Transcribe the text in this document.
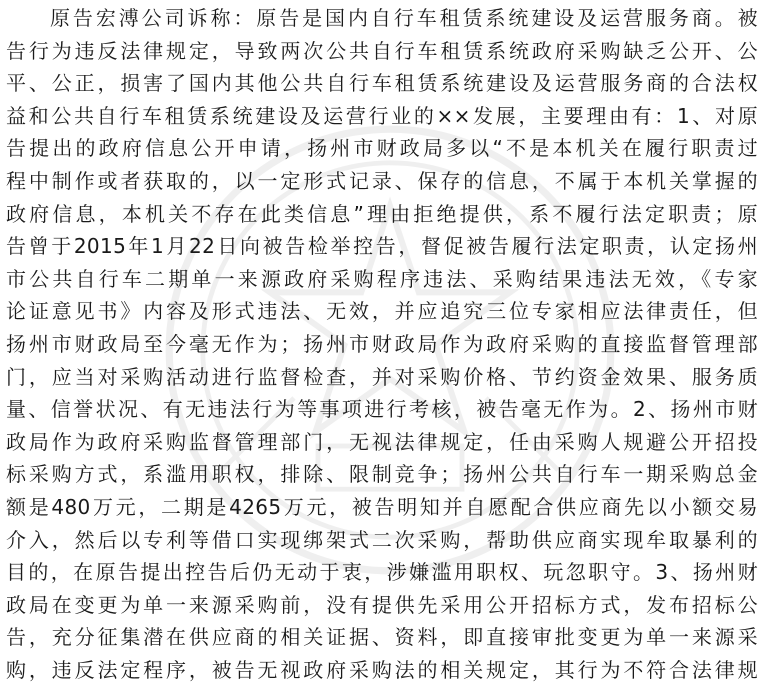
原告宏溥公司诉称：原告是国内自行车租赁系统建设及运营服务商。被
告行为违反法律规定，导致两次公共自行车租赁系统政府采购缺乏公开、公
平、公正，损害了国内其他公共自行车租赁系统建设及运营服务商的合法权
益和公共自行车租赁系统建设及运营行业的××发展，主要理由有：1、对原
告提出的政府信息公开申请，扬州市财政局多以“不是本机关在履行职责过
程中制作或者获取的，以一定形式记录、保存的信息，不属于本机关掌握的
政府信息，本机关不存在此类信息”理由拒绝提供，系不履行法定职责；原
告曾于2015年1月22日向被告检举控告，督促被告履行法定职责，认定扬州
市公共自行车二期单一来源政府采购程序违法、采购结果违法无效，《专家
论证意见书》内容及形式违法、无效，并应追究三位专家相应法律责任，但
扬州市财政局至今毫无作为；扬州市财政局作为政府采购的直接监督管理部
门，应当对采购活动进行监督检查，并对采购价格、节约资金效果、服务质
量、信誉状况、有无违法行为等事项进行考核，被告毫无作为。2、扬州市财
政局作为政府采购监督管理部门，无视法律规定，任由采购人规避公开招投
标采购方式，系滥用职权，排除、限制竞争；扬州公共自行车一期采购总金
额是480万元，二期是4265万元，被告明知并自愿配合供应商先以小额交易
介入，然后以专利等借口实现绑架式二次采购，帮助供应商实现牟取暴利的
目的，在原告提出控告后仍无动于衷，涉嫌滥用职权、玩忽职守。3、扬州财
政局在变更为单一来源采购前，没有提供先采用公开招标方式，发布招标公
告，充分征集潜在供应商的相关证据、资料，即直接审批变更为单一来源采
购，违反法定程序，被告无视政府采购法的相关规定，其行为不符合法律规
